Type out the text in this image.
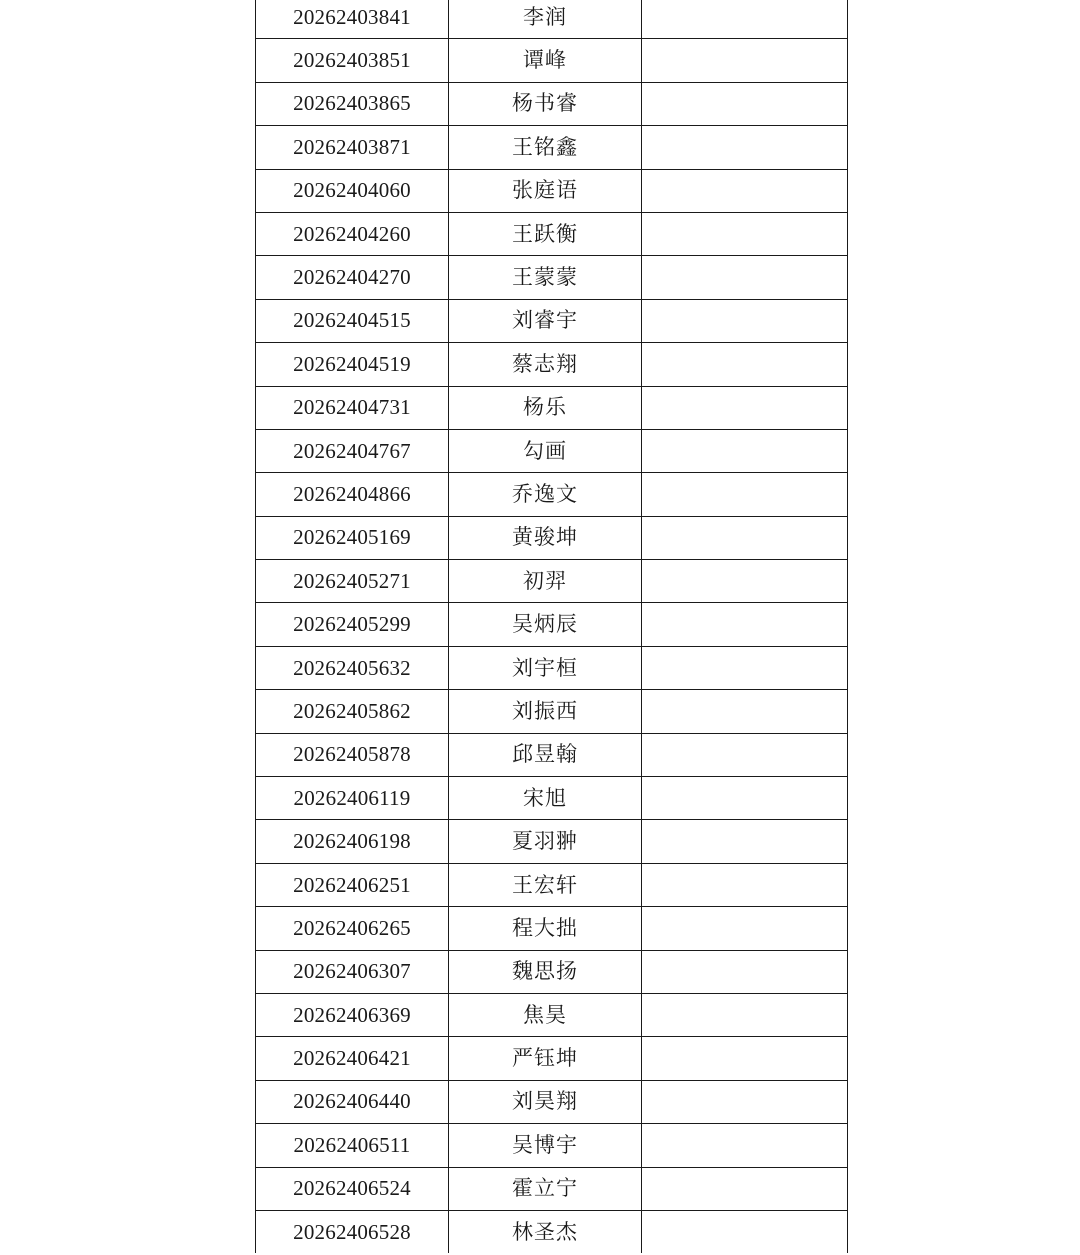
20262403841	李润	
20262403851	谭峰	
20262403865	杨书睿	
20262403871	王铭鑫	
20262404060	张庭语	
20262404260	王跃衡	
20262404270	王蒙蒙	
20262404515	刘睿宇	
20262404519	蔡志翔	
20262404731	杨乐	
20262404767	勾画	
20262404866	乔逸文	
20262405169	黄骏坤	
20262405271	初羿	
20262405299	吴炳辰	
20262405632	刘宇桓	
20262405862	刘振西	
20262405878	邱昱翰	
20262406119	宋旭	
20262406198	夏羽翀	
20262406251	王宏轩	
20262406265	程大拙	
20262406307	魏思扬	
20262406369	焦昊	
20262406421	严钰坤	
20262406440	刘昊翔	
20262406511	吴博宇	
20262406524	霍立宁	
20262406528	林圣杰	
